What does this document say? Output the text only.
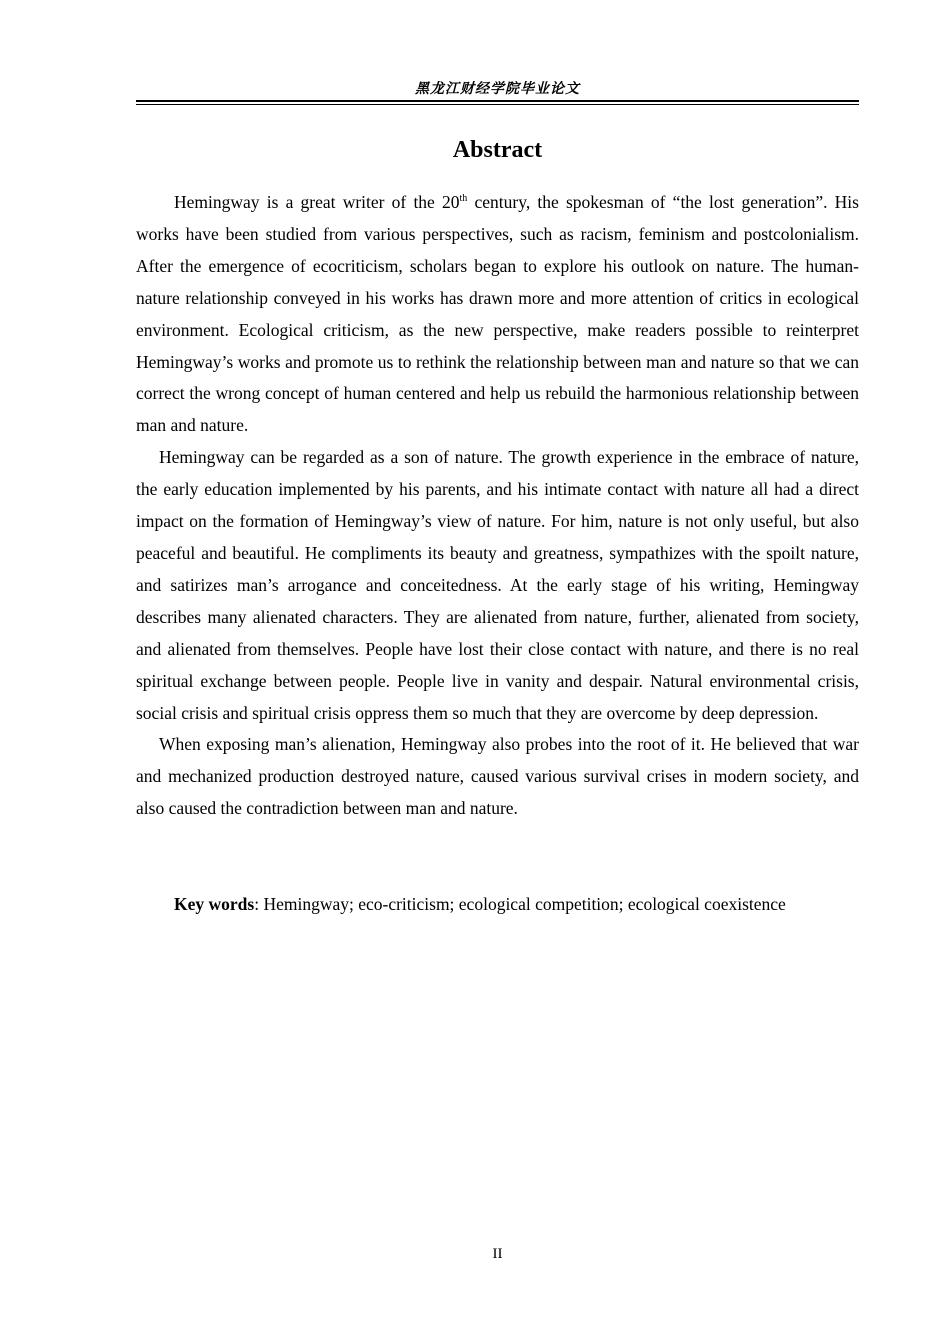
黑龙江财经学院毕业论文
Abstract

Hemingway is a great writer of the 20th century, the spokesman of “the lost generation”. His works have been studied from various perspectives, such as racism, feminism and postcolonialism. After the emergence of ecocriticism, scholars began to explore his outlook on nature. The human-nature relationship conveyed in his works has drawn more and more attention of critics in ecological environment. Ecological criticism, as the new perspective, make readers possible to reinterpret Hemingway’s works and promote us to rethink the relationship between man and nature so that we can correct the wrong concept of human centered and help us rebuild the harmonious relationship between man and nature.

Hemingway can be regarded as a son of nature. The growth experience in the embrace of nature, the early education implemented by his parents, and his intimate contact with nature all had a direct impact on the formation of Hemingway’s view of nature. For him, nature is not only useful, but also peaceful and beautiful. He compliments its beauty and greatness, sympathizes with the spoilt nature, and satirizes man’s arrogance and conceitedness. At the early stage of his writing, Hemingway describes many alienated characters. They are alienated from nature, further, alienated from society, and alienated from themselves. People have lost their close contact with nature, and there is no real spiritual exchange between people. People live in vanity and despair. Natural environmental crisis, social crisis and spiritual crisis oppress them so much that they are overcome by deep depression.

When exposing man’s alienation, Hemingway also probes into the root of it. He believed that war and mechanized production destroyed nature, caused various survival crises in modern society, and also caused the contradiction between man and nature.

Key words: Hemingway; eco-criticism; ecological competition; ecological coexistence
II
